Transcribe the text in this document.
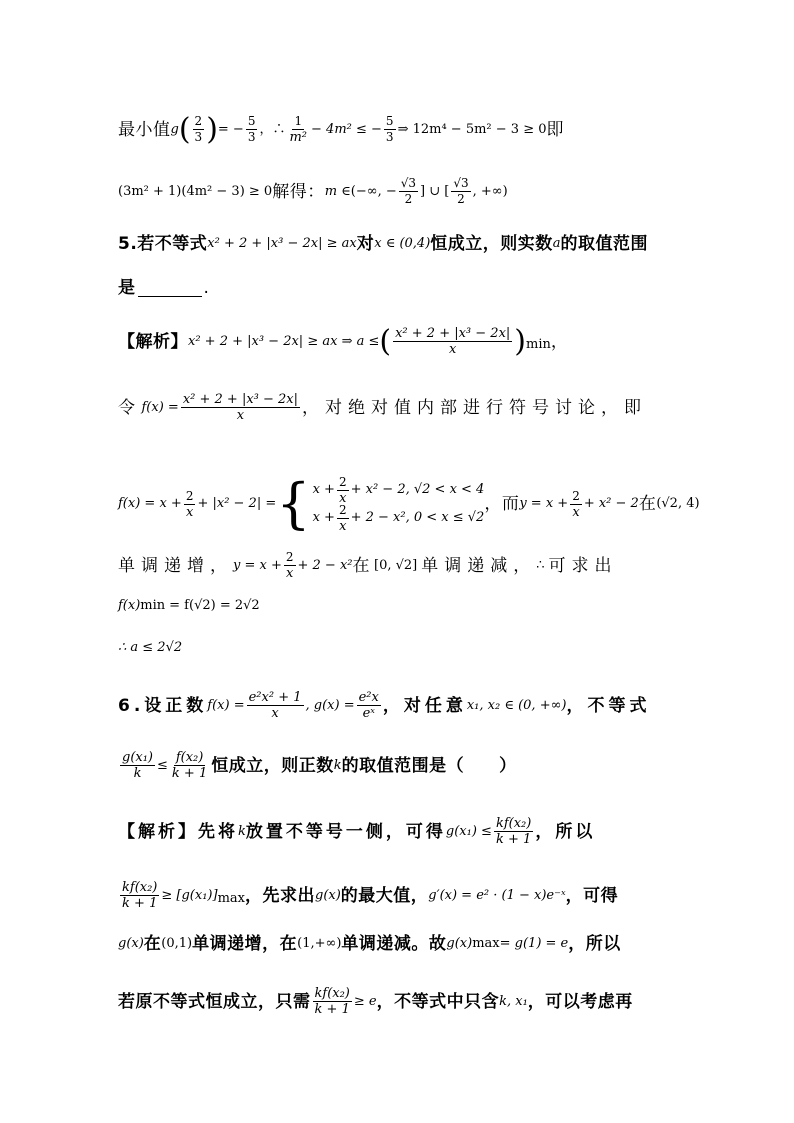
最小值 g ( $\frac{2}{3}$ ) = − $\frac{5}{3}$ ，∴ $\frac{1}{\text{m²}} - 4m^2$ ≤ − $\frac{5}{3}$ ⇒ 12m⁴ − 5m² − 3 ≥ 0 即
(3m² + 1)(4m² − 3) ≥ 0 解得： m ∈ (−∞, − $\frac{√3}{2}$ ] ∪ [ $\frac{√3}{2}$ , +∞)
5.若不等式 x² + 2 + |x³ − 2x| ≥ ax 对 x ∈ (0,4) 恒成立，则实数 a 的取值范围
是	.
【解析】 x² + 2 + |x³ − 2x| ≥ ax ⇒ a ≤ ( $\frac{\text{x² + 2 + |x³ − 2x|}}{x} )_{min}$ ，
令 $f(x) = \frac{\text{x² + 2 + |x³ − 2x|}}{x}$ ，对绝对值内部进行符号讨论，即
$f(x) = x + \frac{2}{x} + |x^2 - 2|$ = { $x + \frac{2}{x} + x^2 - 2$, √2 < x < 4
$x + \frac{2}{x} + 2 - x^2$, 0 < x ≤ √2
，而 $y = x + \frac{2}{x} + x^2 - 2$ 在 (√2, 4)
单调递增， $y = x + \frac{2}{x} + 2 - x^2$ 在 [0, √2] 单调递减， ∴ 可求出
f(x) min = f(√2) = 2√2
∴ a ≤ 2√2
6.设正数 $f(x) = \frac{\text{e²x² + 1}}{x}$ , $g(x) = \frac{\text{e²x}}{\text{eˣ}}$ ，对任意 x₁, x₂ ∈ (0, +∞) ，不等式
$\frac{\text{g(x₁)}}{k} \le \frac{\text{f(x₂)}}{k + 1}$ 恒成立，则正数 k 的取值范围是（　　）
【解析】先将 k 放置不等号一侧，可得 $g(x_1) \le \frac{\text{kf(x₂)}}{k + 1}$ ，所以
$\frac{\text{kf(x₂)}}{k + 1} \ge [g(x_1)]_{max}$ ，先求出 g(x) 的最大值， g′(x) = e² · (1 − x)e⁻ˣ ，可得
g(x) 在 (0,1) 单调递增，在 (1,+∞) 单调递减。故 g(x) max = g(1) = e ，所以
若原不等式恒成立，只需 $\frac{\text{kf(x₂)}}{k + 1} \ge e$ ，不等式中只含 k, x₁ ，可以考虑再
